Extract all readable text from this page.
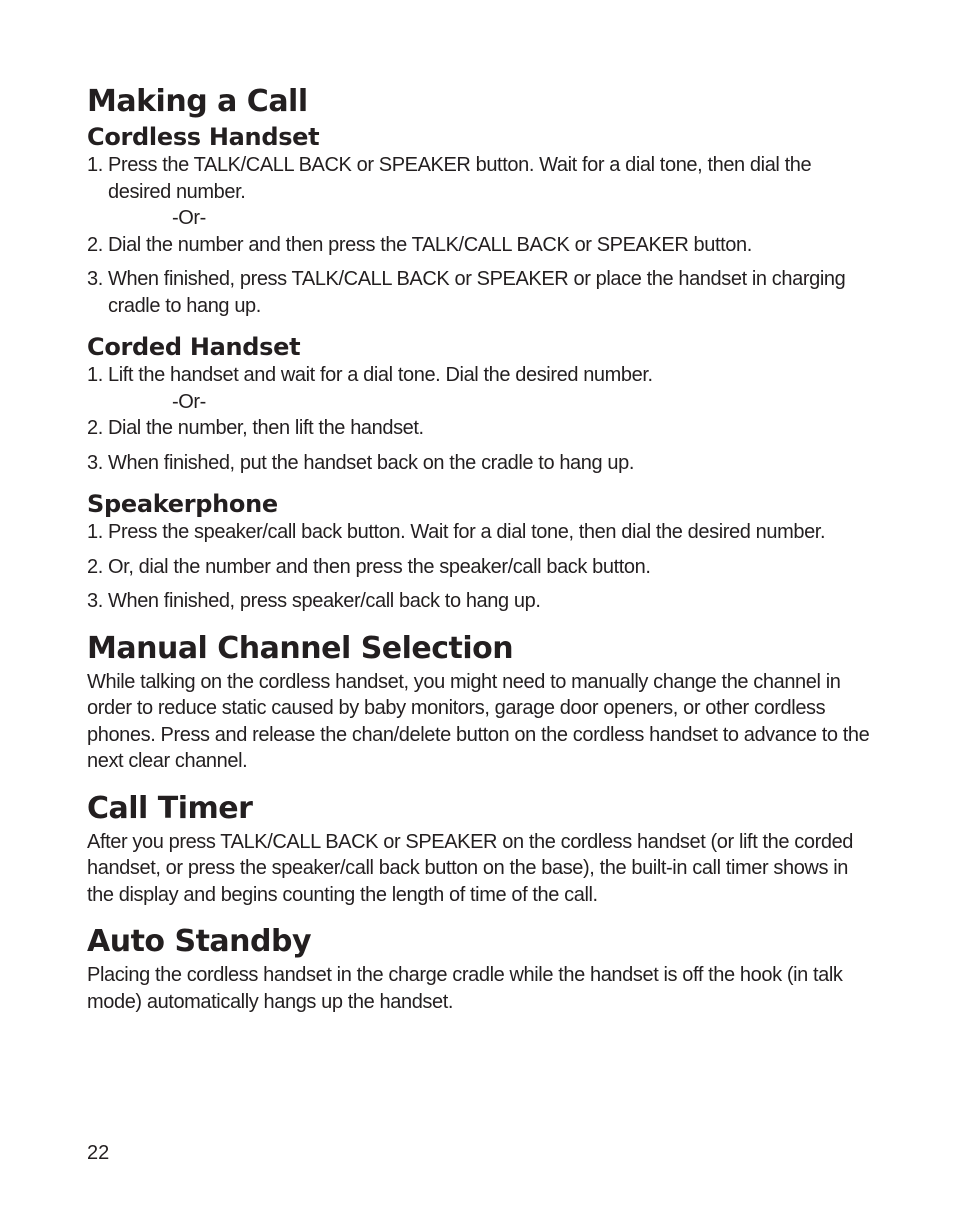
Making a Call
Cordless Handset
1. Press the TALK/CALL BACK or SPEAKER button. Wait for a dial tone, then dial the desired number.
-Or-
2. Dial the number and then press the TALK/CALL BACK or SPEAKER button.
3. When finished, press TALK/CALL BACK or SPEAKER or place the handset in charging cradle to hang up.
Corded Handset
1. Lift the handset and wait for a dial tone. Dial the desired number.
-Or-
2. Dial the number, then lift the handset.
3. When finished, put the handset back on the cradle to hang up.
Speakerphone
1. Press the speaker/call back button. Wait for a dial tone, then dial the desired number.
2. Or, dial the number and then press the speaker/call back button.
3. When finished, press speaker/call back to hang up.
Manual Channel Selection

While talking on the cordless handset, you might need to manually change the channel in order to reduce static caused by baby monitors, garage door openers, or other cordless phones. Press and release the chan/delete button on the cordless handset to advance to the next clear channel.

Call Timer

After you press TALK/CALL BACK or SPEAKER on the cordless handset (or lift the corded handset, or press the speaker/call back button on the base), the built-in call timer shows in the display and begins counting the length of time of the call.

Auto Standby

Placing the cordless handset in the charge cradle while the handset is off the hook (in talk mode) automatically hangs up the handset.

22
